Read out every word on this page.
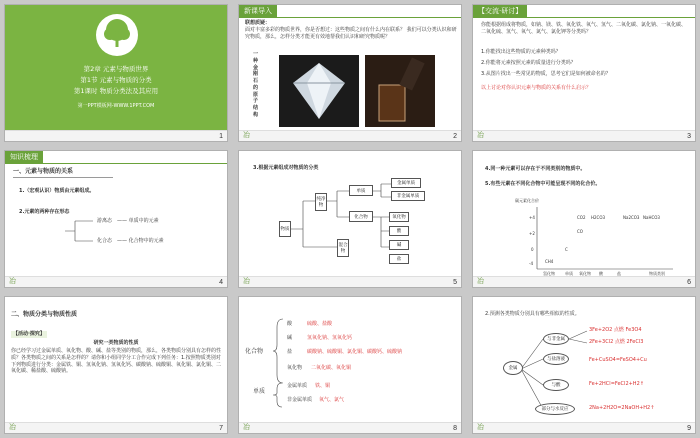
第2章 元素与物质世界
第1节 元素与物质的分类
第1课时 物质分类法及其应用
第一PPT模板网-WWW.1PPT.COM
1
新课导入
联想质疑：
面对丰富多彩的物质世界，你是否想过：这些物质之间有什么内在联系？ 我们可以分类认识和研究物质，那么，怎样分类才能更有效地帮我们认识和研究物质呢？
一种金刚石的原子结构
冶	2
【交流·研讨】
你能根据组成将物质，如钠、镁、铁、氧化铁、氧气、氢气、二氧化碳、氯化钠、一氧化碳、二氧化硫、氢气、氧气、氮气、氯化钾等分类吗？
1.你能找出这些物质的元素种类吗？
2.你能将元素按照元素的质量进行分类吗？
3.从图片找出一些常见的物质，思考它们是如何被命名的？
以上讨论对你认识元素与物质的关系有什么启示？
冶	3
知识梳理
一、元素与物质的关系
1.（宏观认识）物质由元素组成。
2.元素的两种存在形态
游离态 —— 单质中的元素
化合态 —— 化合物中的元素
冶	4
3.根据元素组成对物质的分类
物质
纯净物
混合物
单质
化合物
金属单质
非金属单质
氧化物
酸
碱
盐
冶	5
4.同一种元素可以存在于不同类别的物质中。
5.有些元素在不同化合物中可能呈现不同的化合价。
碳元素化合价
+4
+2
0
-4
氢化物	单质 氧化物 酸	盐	物质类别
CO2 H2CO3	Na2CO3 NaHCO3
CO
C
CH4
冶	6
二、物质分类与物质性质
【活动·探究】
研究一类物质的性质
你已经学习过金属单质、氧化物、酸、碱、盐等类别的物质，那么，各类物质分别具有怎样的性质？各类物质之间的关系是怎样的？请你和小组同学分工合作完成下列任务：1.按照物质类别对下列物质进行分类：金属铁、铜、氢氧化钠、氢氧化钙、碳酸钠、硫酸铜、氧化铜、氯化铜、二氧化碳、稀盐酸、硫酸钠。
冶	7
化合物
酸	硫酸、盐酸
碱	氢氧化钠、氢氧化钙
盐	碳酸钠、硫酸铜、氯化铜、碳酸钙、硫酸钠
氧化物 二氧化碳、氧化铜
单质
金属单质 铁、铜
非金属单质 氧气、氯气
冶	8
2.预测各类物质分别具有哪些相似的性质。
金属
与非金属
与盐溶液
与酸
部分与水反应
3Fe+2O2 点燃 Fe3O4
2Fe+3Cl2 点燃 2FeCl3
Fe+CuSO4=FeSO4+Cu
Fe+2HCl=FeCl2+H2↑
2Na+2H2O=2NaOH+H2↑
冶	9
